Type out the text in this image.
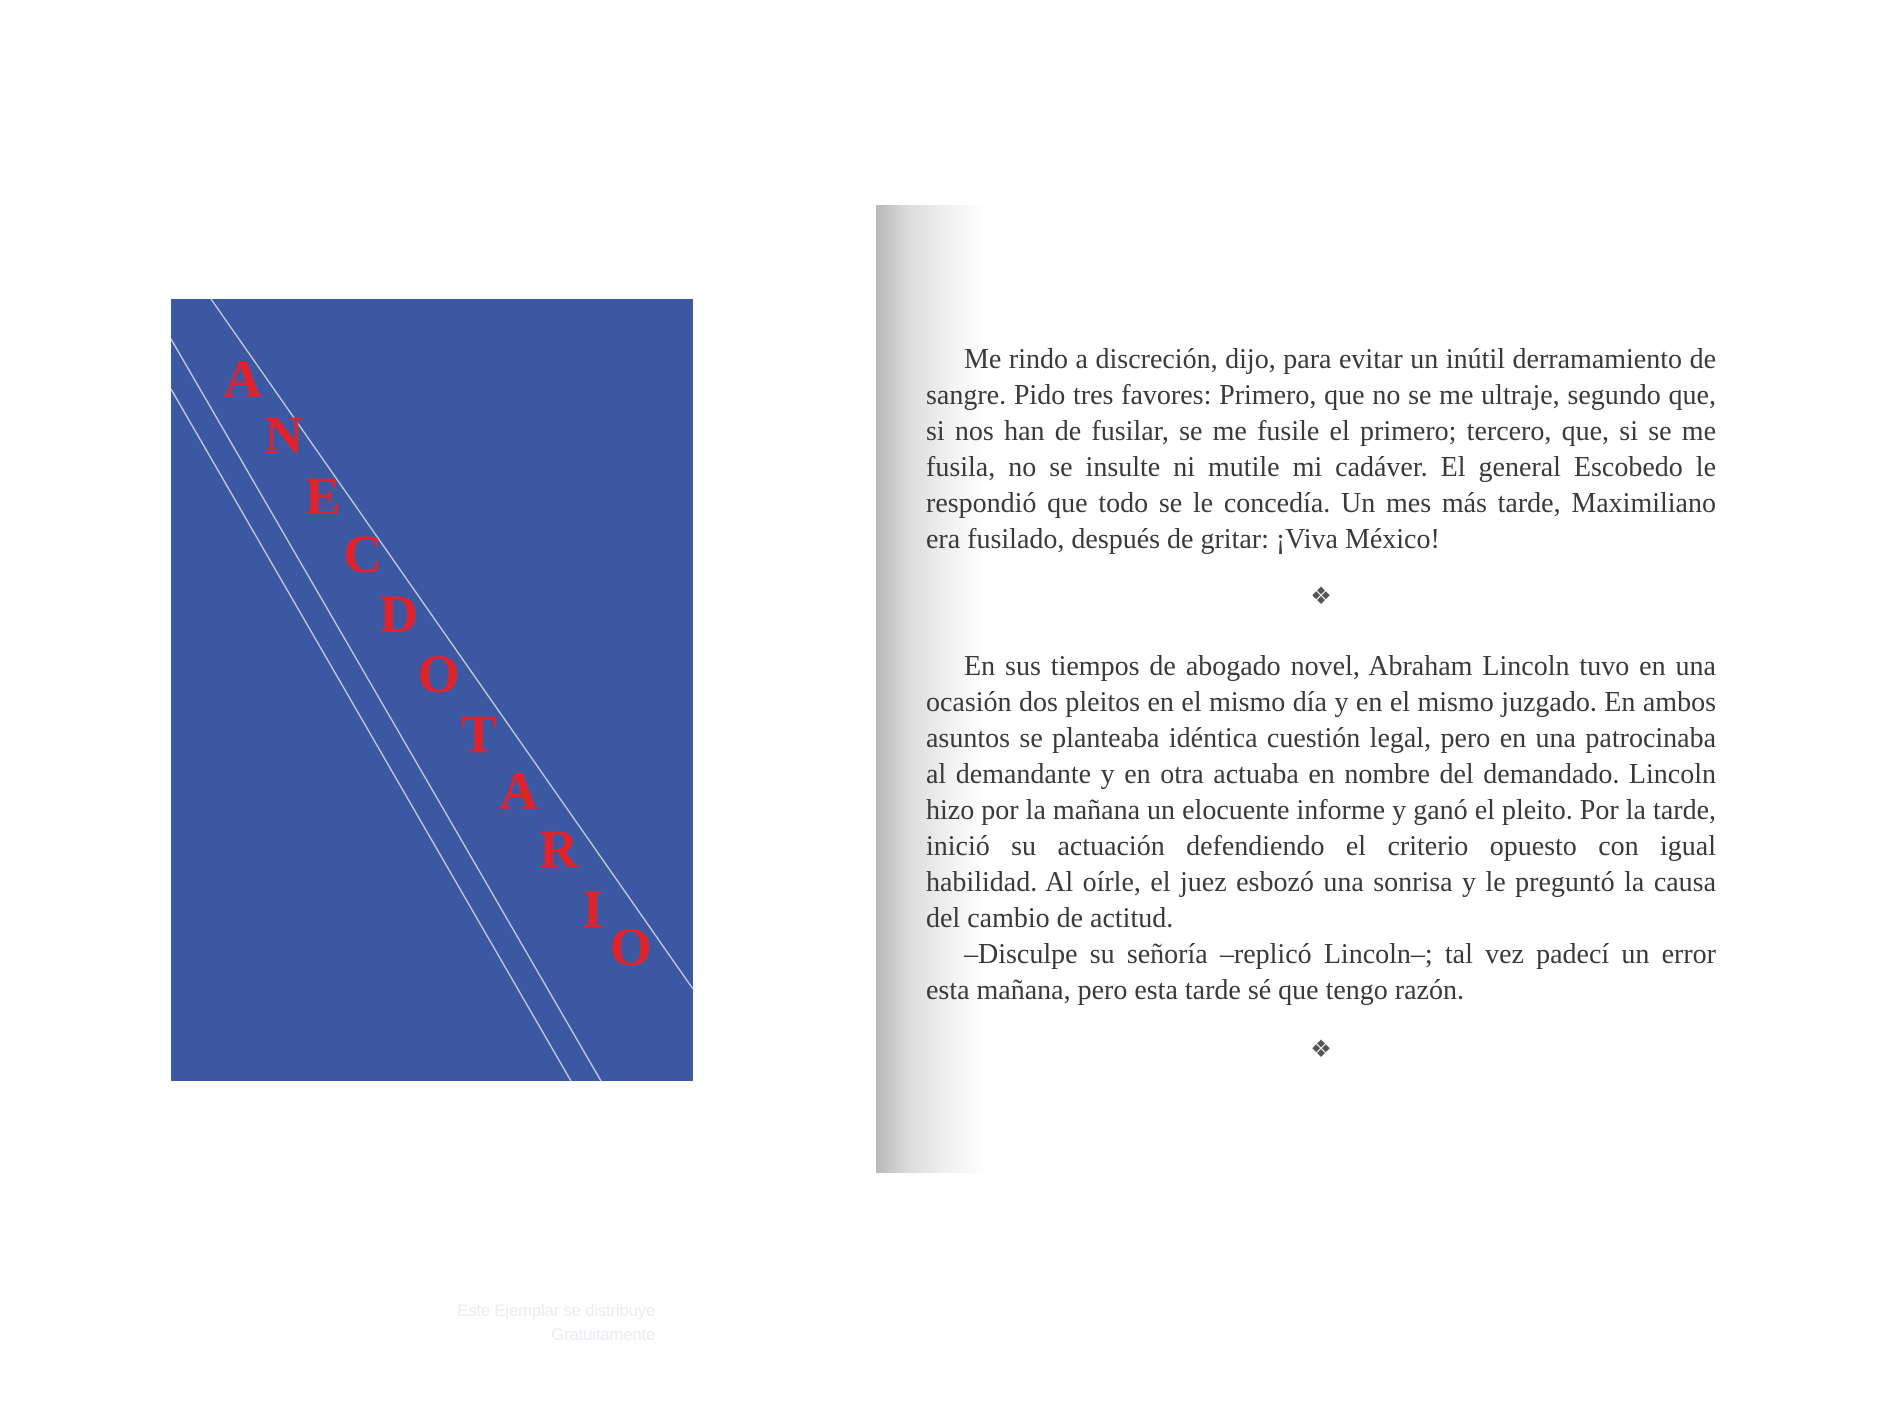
A
N
E
C
D
O
T
A
R
I
O
Este Ejemplar se distribuye
Gratuitamente

Me rindo a discreción, dijo, para evitar un inútil derramamiento de sangre. Pido tres favores: Primero, que no se me ultraje, segundo que, si nos han de fusilar, se me fusile el primero; tercero, que, si se me fusila, no se insulte ni mutile mi cadáver. El general Escobedo le respondió que todo se le concedía. Un mes más tarde, Maximiliano era fusilado, después de gritar: ¡Viva México!

❖

En sus tiempos de abogado novel, Abraham Lincoln tuvo en una ocasión dos pleitos en el mismo día y en el mismo juzgado. En ambos asuntos se planteaba idéntica cuestión legal, pero en una patrocinaba al demandante y en otra actuaba en nombre del demandado. Lincoln hizo por la mañana un elocuente informe y ganó el pleito. Por la tarde, inició su actuación defendiendo el criterio opuesto con igual habilidad. Al oírle, el juez esbozó una sonrisa y le preguntó la causa del cambio de actitud.

–Disculpe su señoría –replicó Lincoln–; tal vez padecí un error esta mañana, pero esta tarde sé que tengo razón.

❖
